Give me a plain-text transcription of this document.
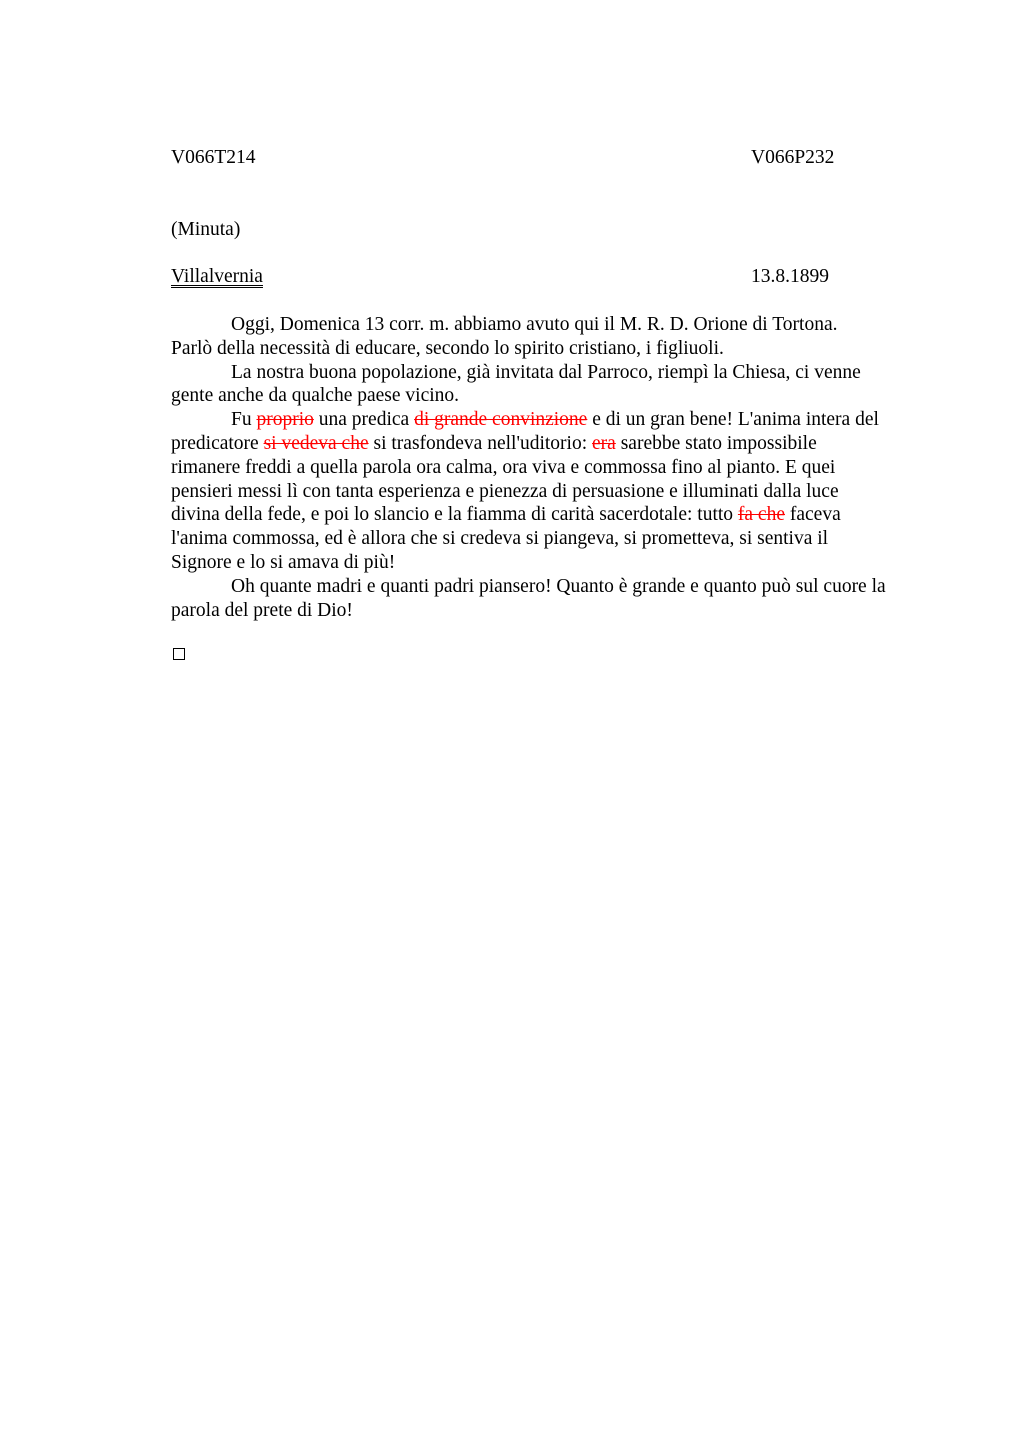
V066T214	V066P232
(Minuta)
Villalvernia	13.8.1899
Oggi, Domenica 13 corr. m. abbiamo avuto qui il M. R. D. Orione di Tortona.
Parlò della necessità di educare, secondo lo spirito cristiano, i figliuoli.
La nostra buona popolazione, già invitata dal Parroco, riempì la Chiesa, ci venne
gente anche da qualche paese vicino.
Fu proprio una predica di grande convinzione e di un gran bene! L'anima intera del
predicatore si vedeva che si trasfondeva nell'uditorio: era sarebbe stato impossibile
rimanere freddi a quella parola ora calma, ora viva e commossa fino al pianto. E quei
pensieri messi lì con tanta esperienza e pienezza di persuasione e illuminati dalla luce
divina della fede, e poi lo slancio e la fiamma di carità sacerdotale: tutto fa che faceva
l'anima commossa, ed è allora che si credeva si piangeva, si prometteva, si sentiva il
Signore e lo si amava di più!
Oh quante madri e quanti padri piansero! Quanto è grande e quanto può sul cuore la
parola del prete di Dio!
